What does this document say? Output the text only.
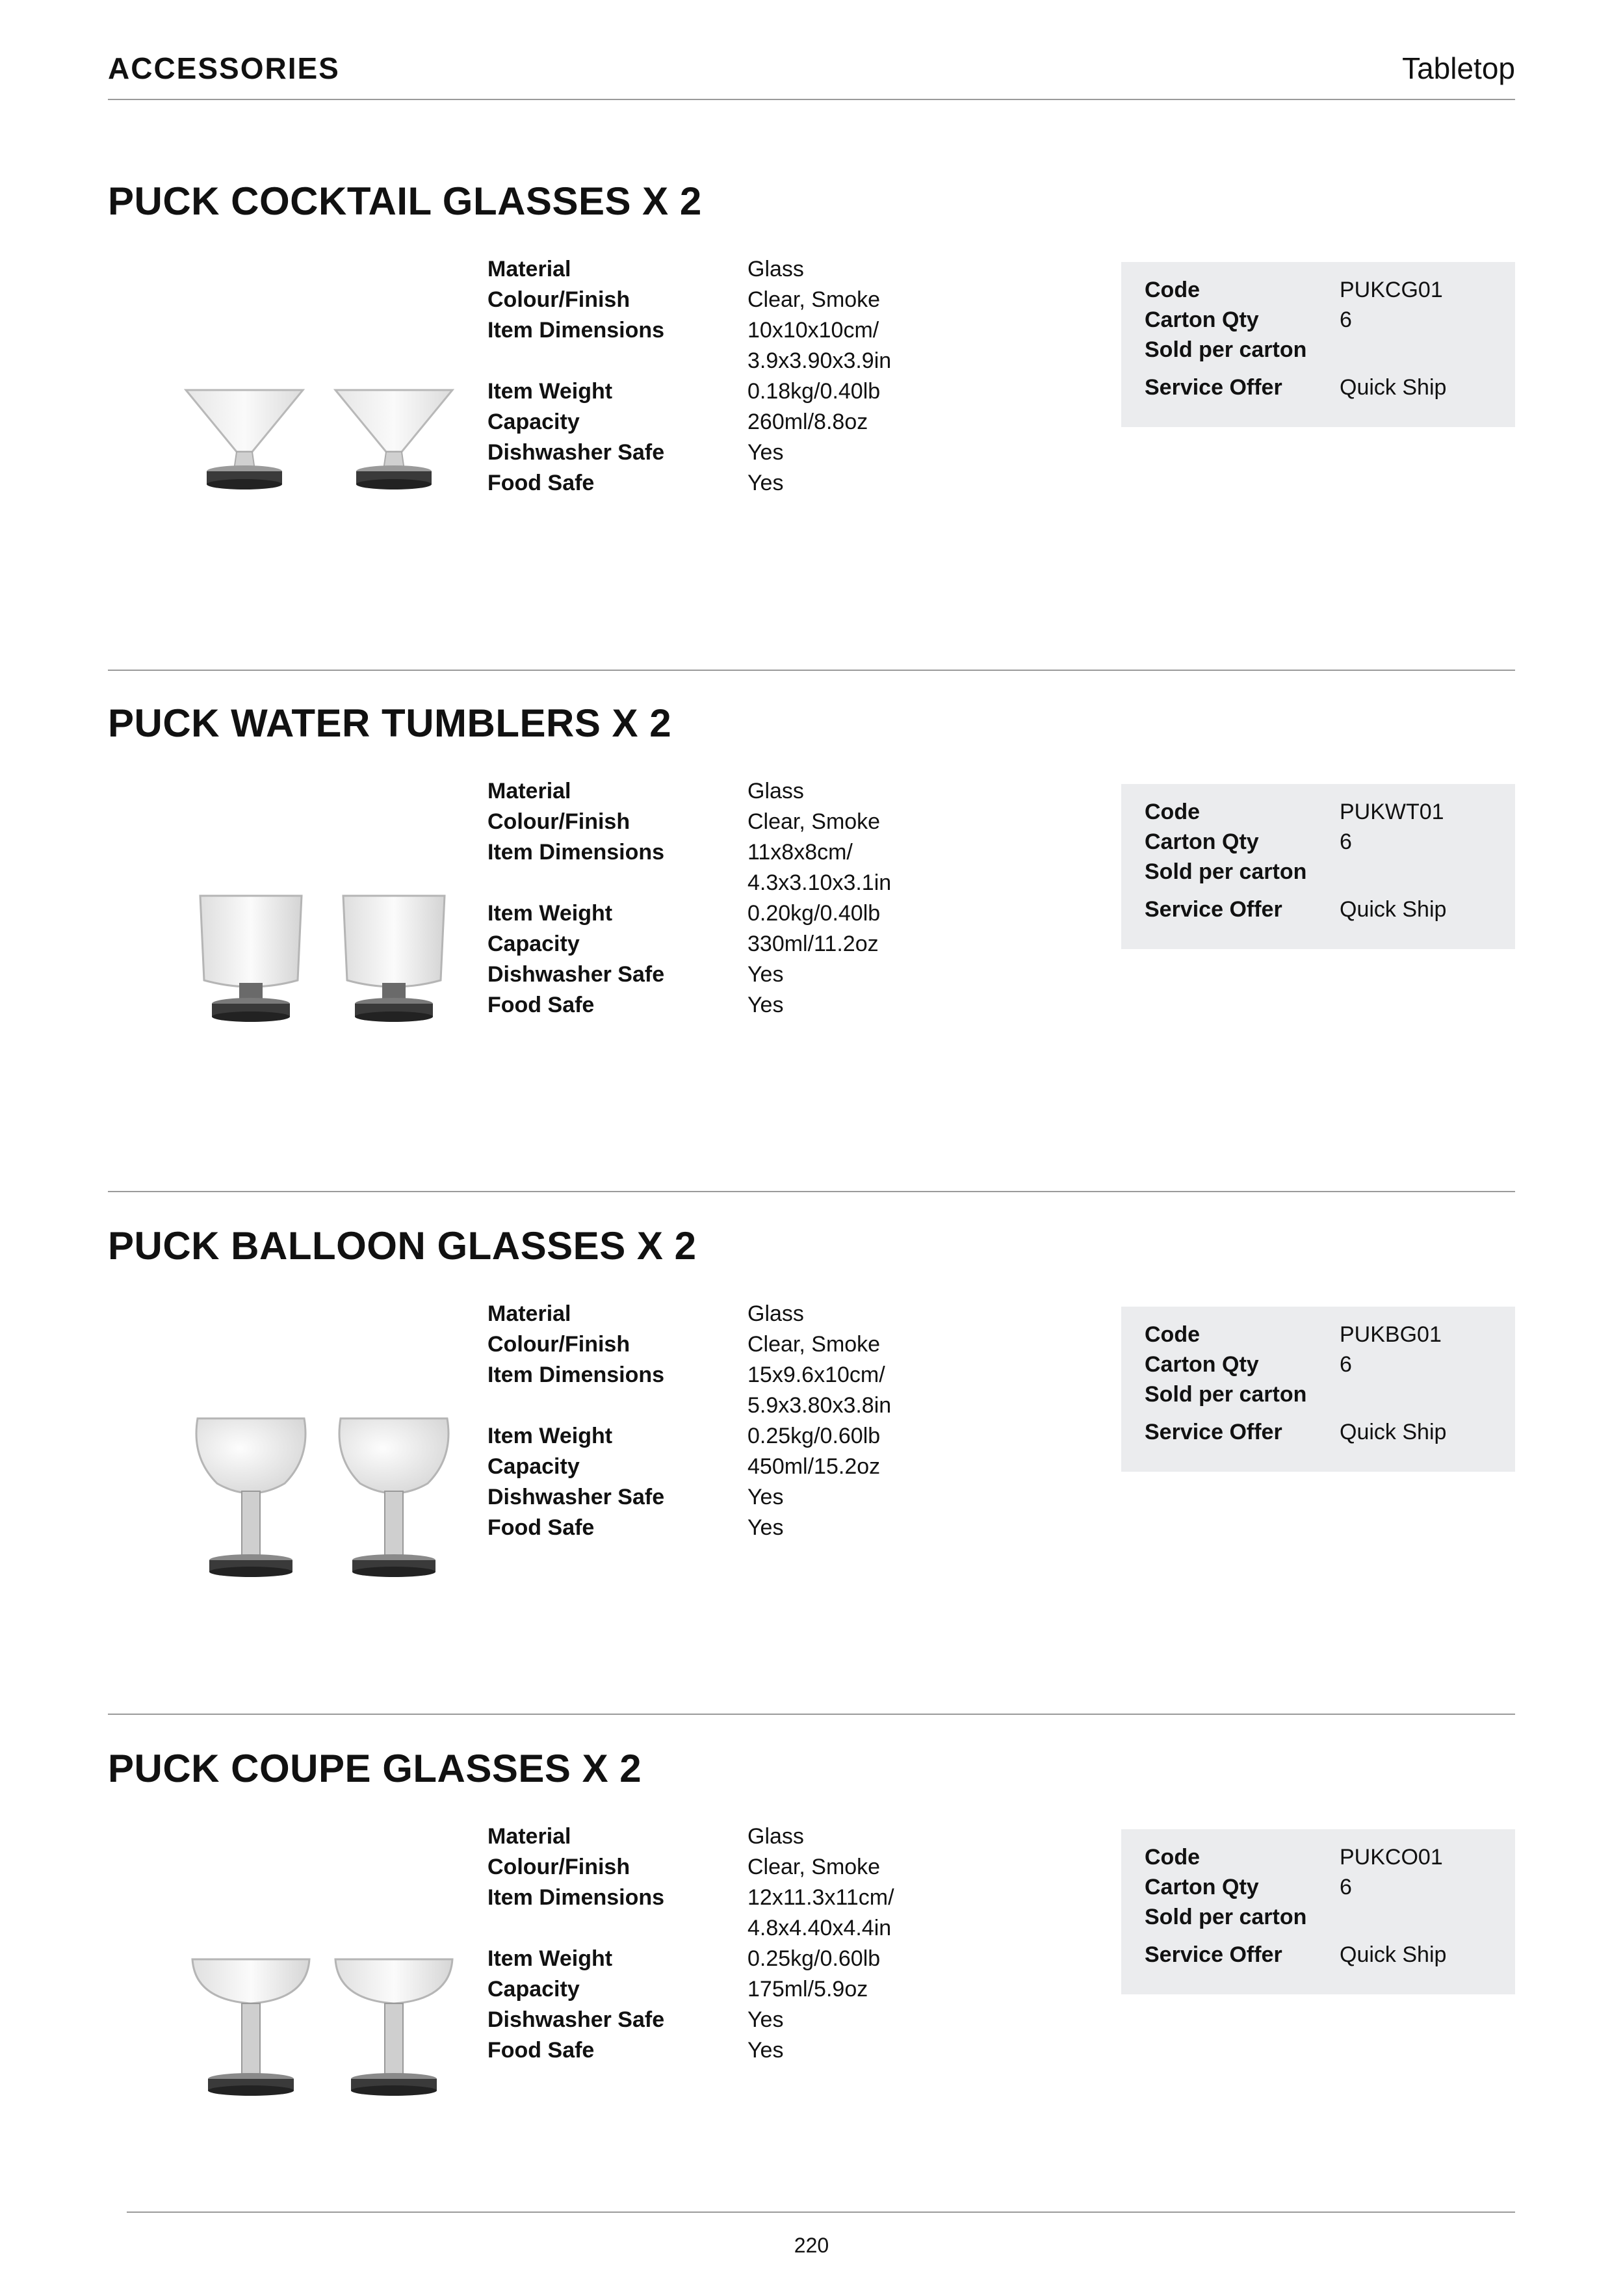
ACCESSORIES	Tabletop
PUCK COCKTAIL GLASSES X 2
Material	Glass
Colour/Finish	Clear, Smoke
Item Dimensions	10x10x10cm/
3.9x3.90x3.9in
Item Weight	0.18kg/0.40lb
Capacity	260ml/8.8oz
Dishwasher Safe	Yes
Food Safe	Yes
Code	PUKCG01
Carton Qty	6
Sold per carton
Service Offer	Quick Ship
PUCK WATER TUMBLERS X 2
Material	Glass
Colour/Finish	Clear, Smoke
Item Dimensions	11x8x8cm/
4.3x3.10x3.1in
Item Weight	0.20kg/0.40lb
Capacity	330ml/11.2oz
Dishwasher Safe	Yes
Food Safe	Yes
Code	PUKWT01
Carton Qty	6
Sold per carton
Service Offer	Quick Ship
PUCK BALLOON GLASSES X 2
Material	Glass
Colour/Finish	Clear, Smoke
Item Dimensions	15x9.6x10cm/
5.9x3.80x3.8in
Item Weight	0.25kg/0.60lb
Capacity	450ml/15.2oz
Dishwasher Safe	Yes
Food Safe	Yes
Code	PUKBG01
Carton Qty	6
Sold per carton
Service Offer	Quick Ship
PUCK COUPE GLASSES X 2
Material	Glass
Colour/Finish	Clear, Smoke
Item Dimensions	12x11.3x11cm/
4.8x4.40x4.4in
Item Weight	0.25kg/0.60lb
Capacity	175ml/5.9oz
Dishwasher Safe	Yes
Food Safe	Yes
Code	PUKCO01
Carton Qty	6
Sold per carton
Service Offer	Quick Ship
220
